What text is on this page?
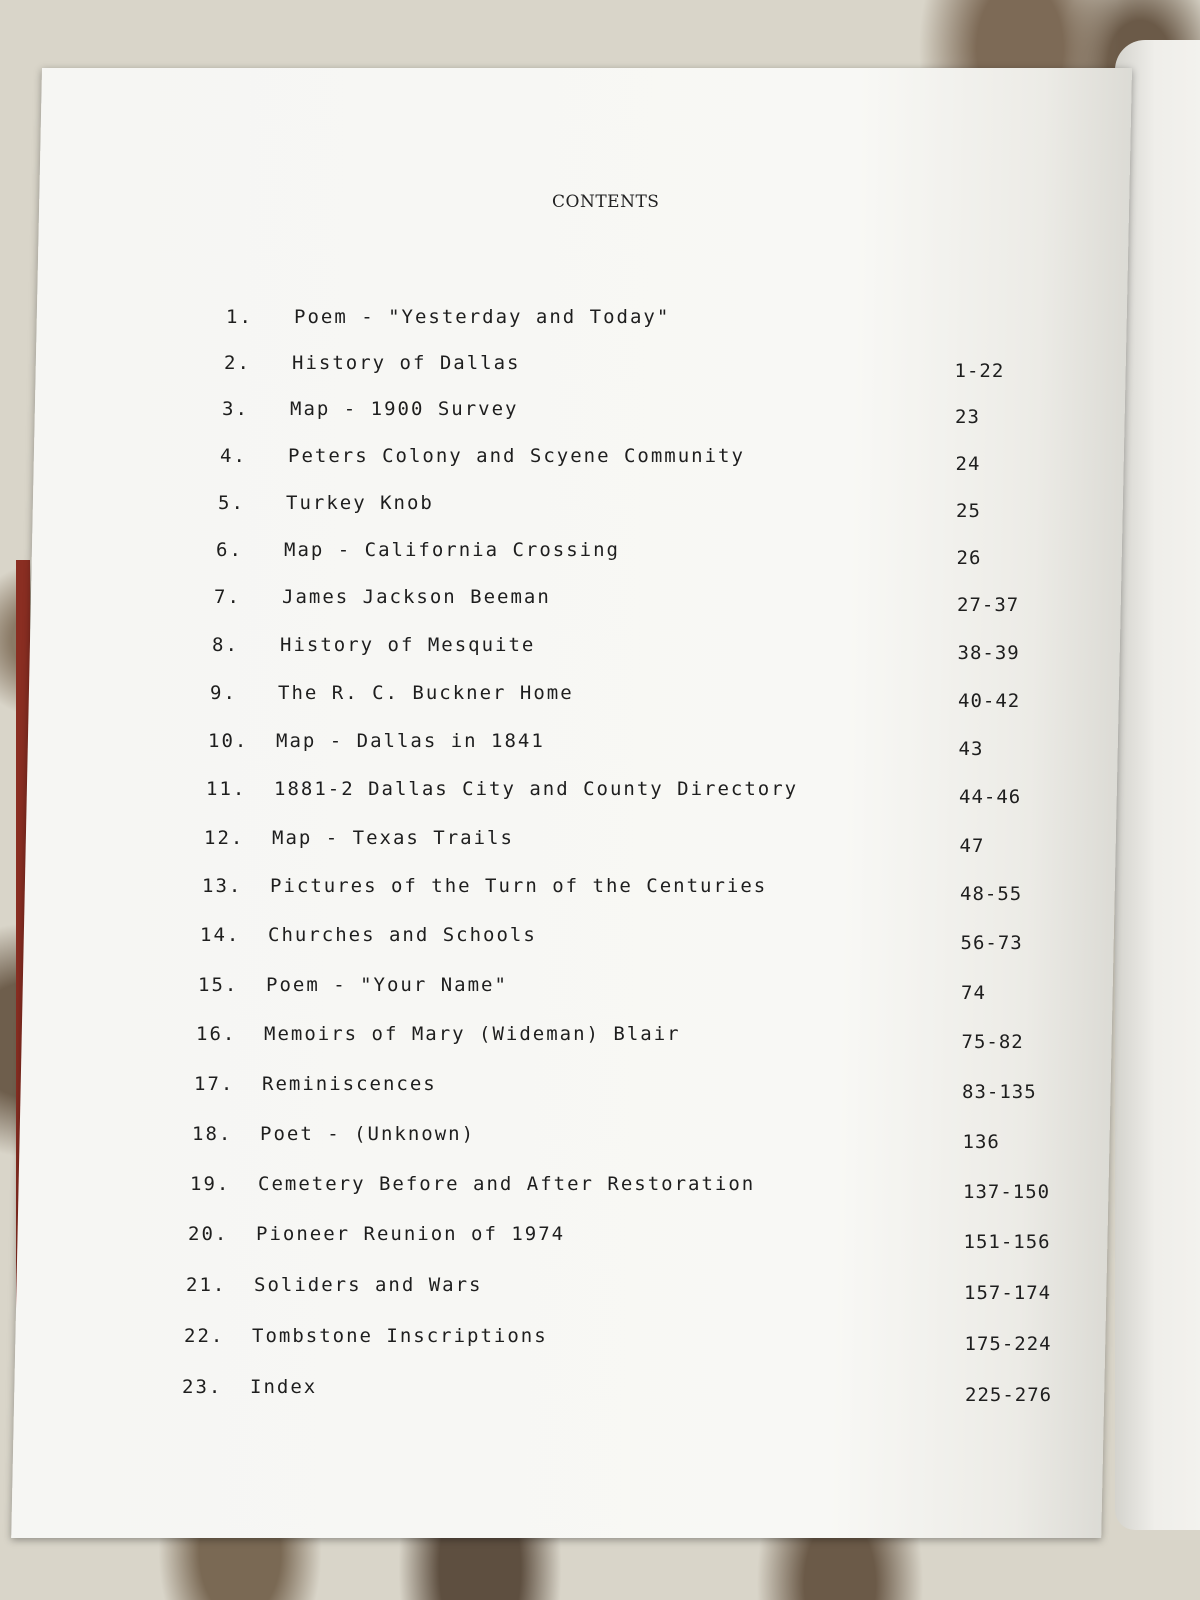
CONTENTS
1. Poem - "Yesterday and Today"
2. History of Dallas	1-22
3. Map - 1900 Survey	23
4. Peters Colony and Scyene Community	24
5. Turkey Knob	25
6. Map - California Crossing	26
7. James Jackson Beeman	27-37
8. History of Mesquite	38-39
9. The R. C. Buckner Home	40-42
10. Map - Dallas in 1841	43
11. 1881-2 Dallas City and County Directory	44-46
12. Map - Texas Trails	47
13. Pictures of the Turn of the Centuries	48-55
14. Churches and Schools	56-73
15. Poem - "Your Name"	74
16. Memoirs of Mary (Wideman) Blair	75-82
17. Reminiscences	83-135
18. Poet - (Unknown)	136
19. Cemetery Before and After Restoration	137-150
20. Pioneer Reunion of 1974	151-156
21. Soliders and Wars	157-174
22. Tombstone Inscriptions	175-224
23. Index	225-276
